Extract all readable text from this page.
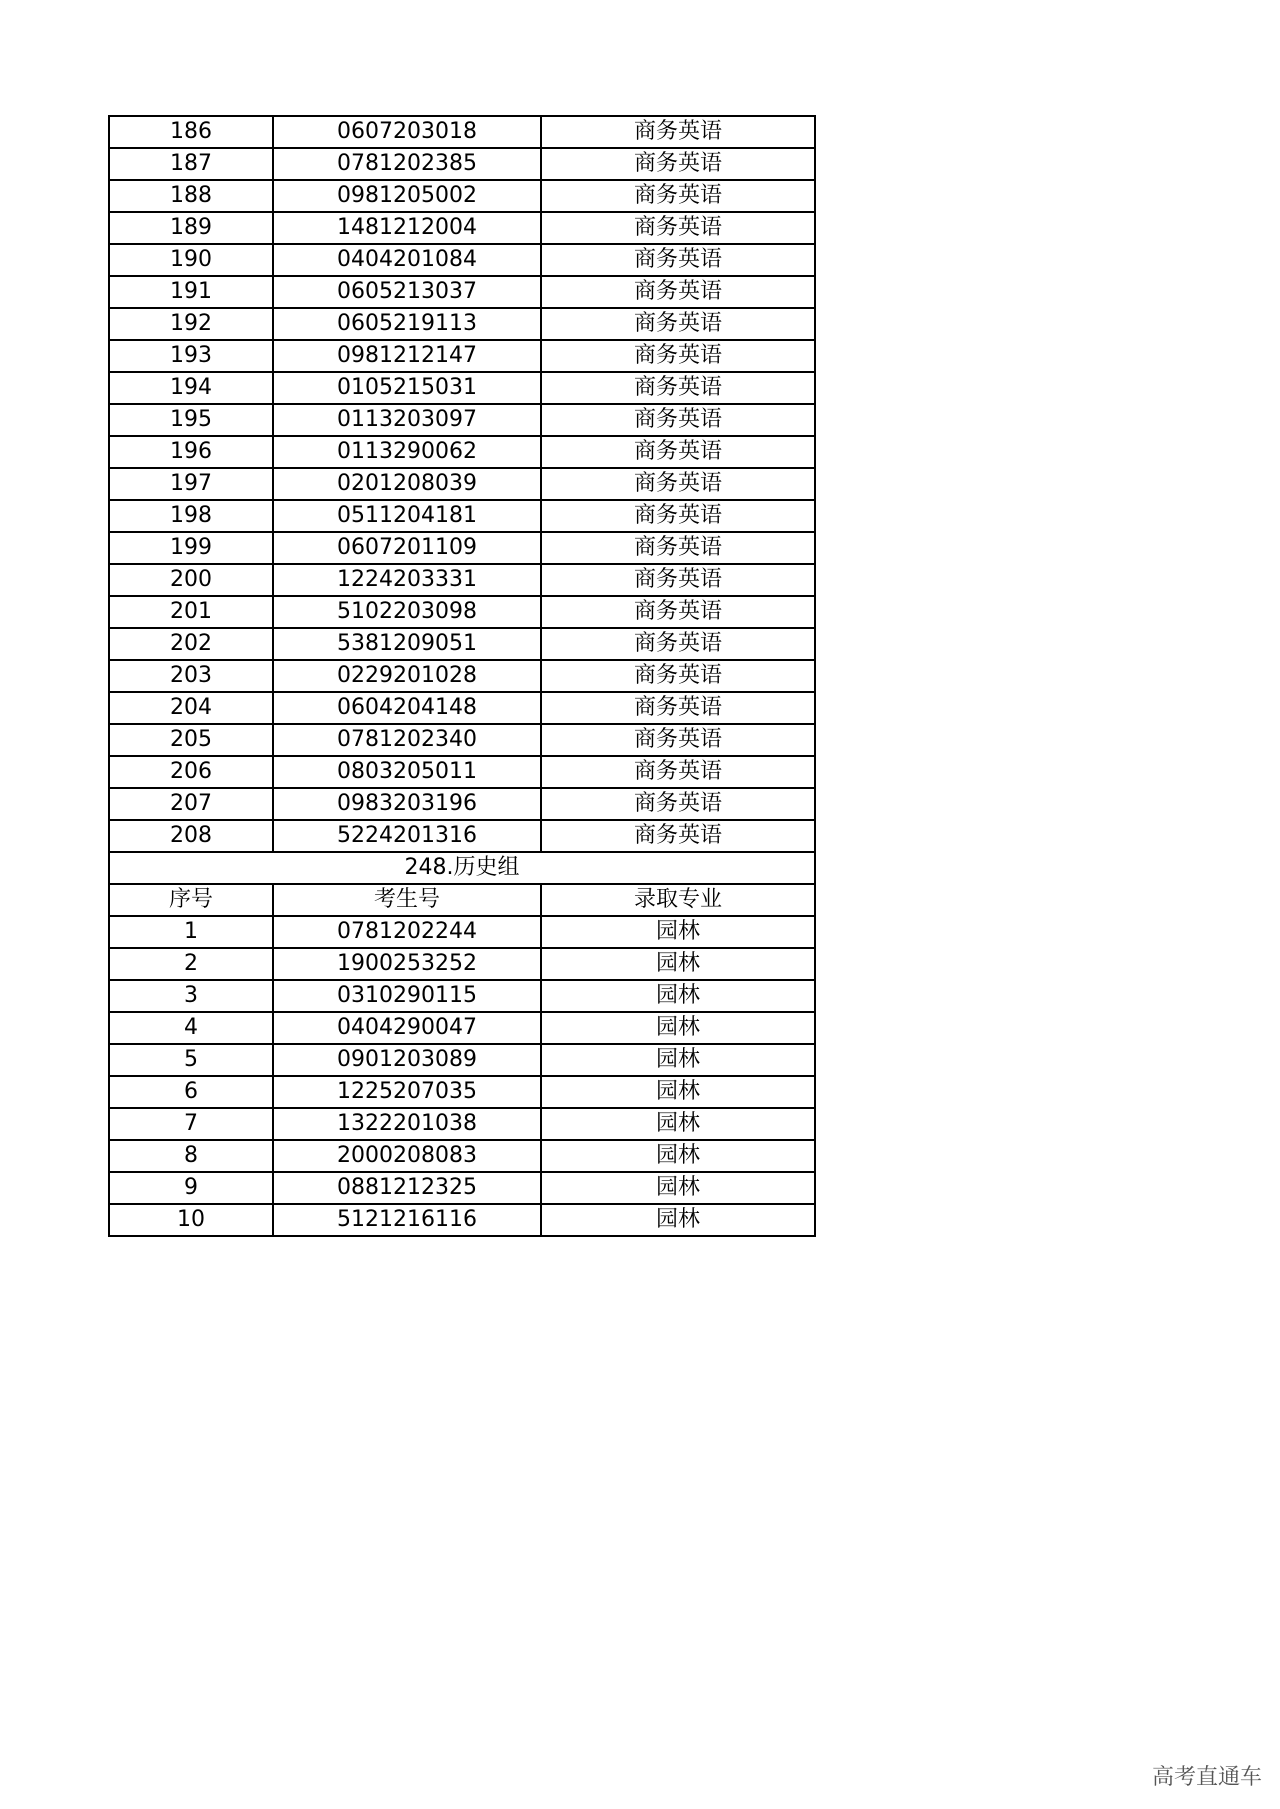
186	0607203018	商务英语
187	0781202385	商务英语
188	0981205002	商务英语
189	1481212004	商务英语
190	0404201084	商务英语
191	0605213037	商务英语
192	0605219113	商务英语
193	0981212147	商务英语
194	0105215031	商务英语
195	0113203097	商务英语
196	0113290062	商务英语
197	0201208039	商务英语
198	0511204181	商务英语
199	0607201109	商务英语
200	1224203331	商务英语
201	5102203098	商务英语
202	5381209051	商务英语
203	0229201028	商务英语
204	0604204148	商务英语
205	0781202340	商务英语
206	0803205011	商务英语
207	0983203196	商务英语
208	5224201316	商务英语
248.历史组		
序号	考生号	录取专业
1	0781202244	园林
2	1900253252	园林
3	0310290115	园林
4	0404290047	园林
5	0901203089	园林
6	1225207035	园林
7	1322201038	园林
8	2000208083	园林
9	0881212325	园林
10	5121216116	园林
高考直通车
